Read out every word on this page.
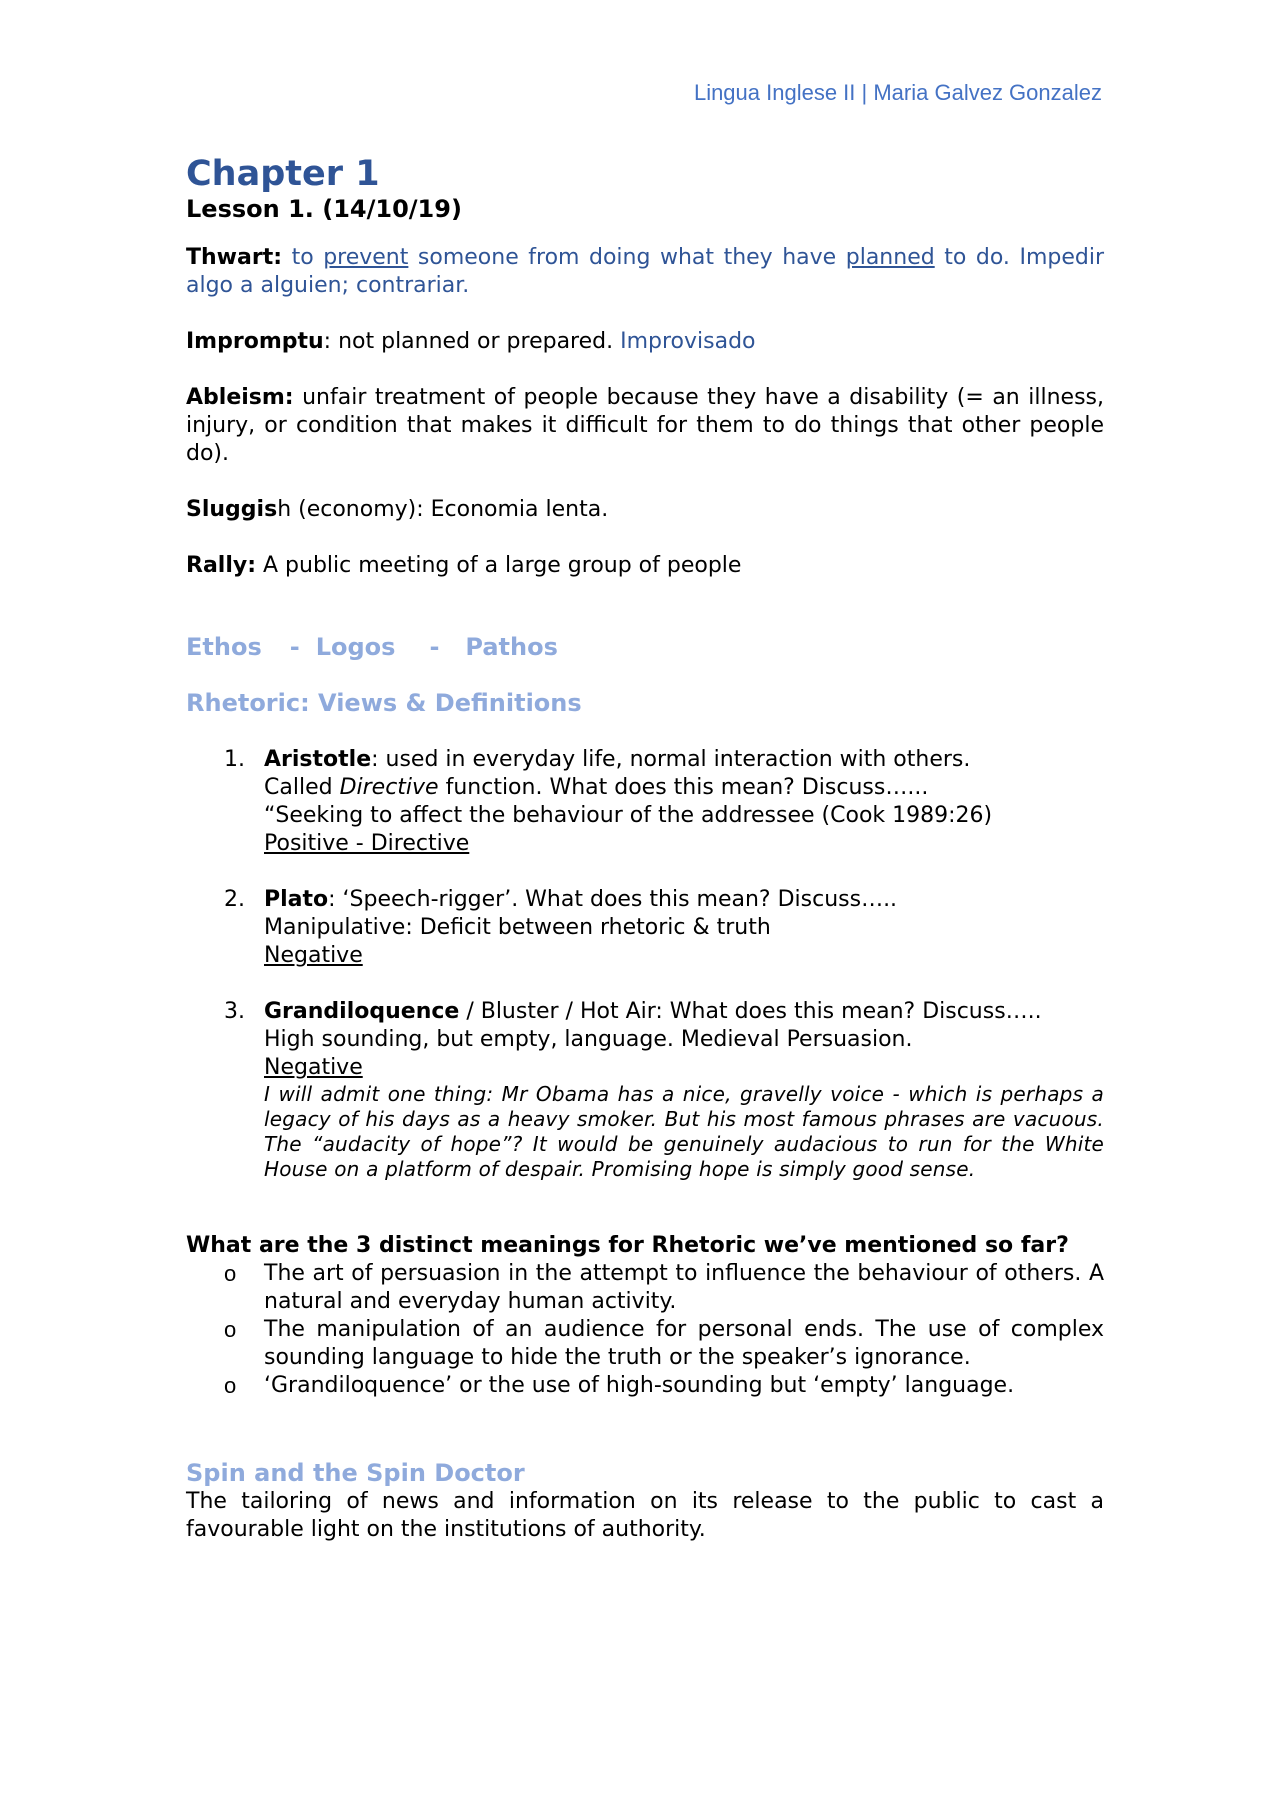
Lingua Inglese II | Maria Galvez Gonzalez
Chapter 1

Lesson 1. (14/10/19)

Thwart: to prevent someone from doing what they have planned to do. Impedir algo a alguien; contrariar.

Impromptu: not planned or prepared. Improvisado

Ableism: unfair treatment of people because they have a disability (= an illness, injury, or condition that makes it difficult for them to do things that other people do).

Sluggish (economy): Economia lenta.

Rally: A public meeting of a large group of people

Ethos - Logos - Pathos

Rhetoric: Views & Definitions

1. Aristotle: used in everyday life, normal interaction with others.
Called Directive function. What does this mean? Discuss…...
“Seeking to affect the behaviour of the addressee (Cook 1989:26)
Positive - Directive
2. Plato: ‘Speech-rigger’. What does this mean? Discuss…..
Manipulative: Deficit between rhetoric & truth
Negative
3. Grandiloquence / Bluster / Hot Air: What does this mean? Discuss…..
High sounding, but empty, language. Medieval Persuasion.
Negative
I will admit one thing: Mr Obama has a nice, gravelly voice - which is perhaps a legacy of his days as a heavy smoker. But his most famous phrases are vacuous. The “audacity of hope”? It would be genuinely audacious to run for the White House on a platform of despair. Promising hope is simply good sense.

What are the 3 distinct meanings for Rhetoric we’ve mentioned so far?

o The art of persuasion in the attempt to influence the behaviour of others. A natural and everyday human activity.
o The manipulation of an audience for personal ends. The use of complex sounding language to hide the truth or the speaker’s ignorance.
o ‘Grandiloquence’ or the use of high-sounding but ‘empty’ language.

Spin and the Spin Doctor

The tailoring of news and information on its release to the public to cast a favourable light on the institutions of authority.
